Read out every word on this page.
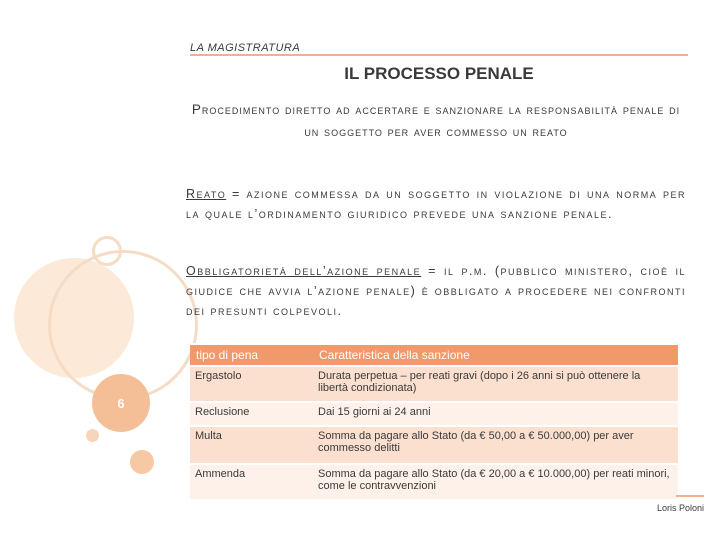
6
LA MAGISTRATURA
IL PROCESSO PENALE
Procedimento diretto ad accertare e sanzionare la responsabilità penale di un soggetto per aver commesso un reato
Reato = azione commessa da un soggetto in violazione di una norma per la quale l’ordinamento giuridico prevede una sanzione penale.
Obbligatorietà dell’azione penale = il p.m. (pubblico ministero, cioè il giudice che avvia l’azione penale) è obbligato a procedere nei confronti dei presunti colpevoli.
tipo di pena	Caratteristica della sanzione
Ergastolo	Durata perpetua – per reati gravi (dopo i 26 anni si può ottenere la libertà condizionata)
Reclusione	Dai 15 giorni ai 24 anni
Multa	Somma da pagare allo Stato (da € 50,00 a € 50.000,00) per aver commesso delitti
Ammenda	Somma da pagare allo Stato (da € 20,00 a € 10.000,00) per reati minori, come le contravvenzioni
Loris Poloni
